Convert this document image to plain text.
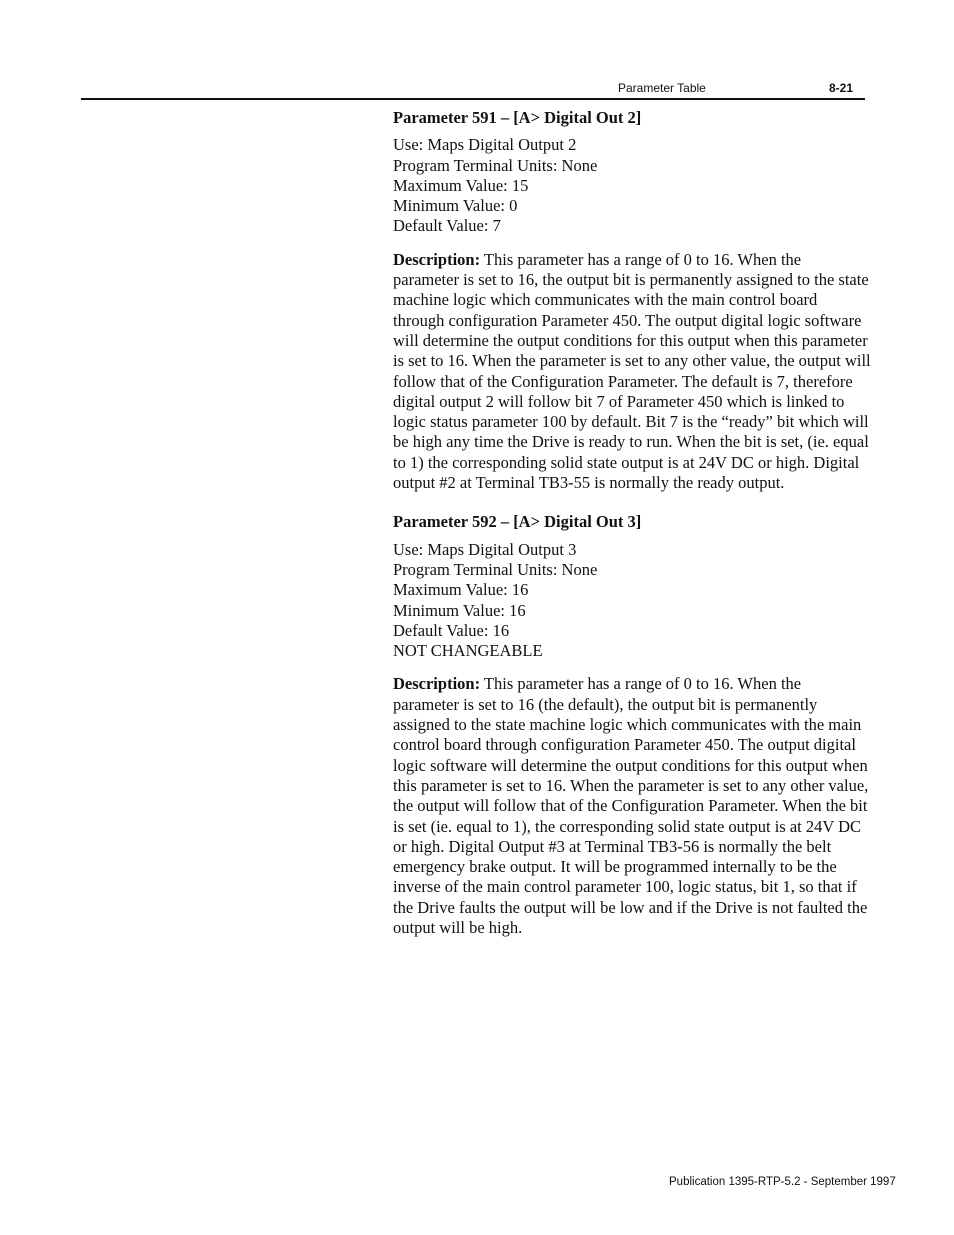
Parameter Table	8-21
Parameter 591 – [A> Digital Out 2]
Use: Maps Digital Output 2
Program Terminal Units: None
Maximum Value: 15
Minimum Value: 0
Default Value: 7

Description: This parameter has a range of 0 to 16. When the parameter is set to 16, the output bit is permanently assigned to the state machine logic which communicates with the main control board through configuration Parameter 450. The output digital logic software will determine the output conditions for this output when this parameter is set to 16. When the parameter is set to any other value, the output will follow that of the Configuration Parameter. The default is 7, therefore digital output 2 will follow bit 7 of Parameter 450 which is linked to logic status parameter 100 by default. Bit 7 is the “ready” bit which will be high any time the Drive is ready to run. When the bit is set, (ie. equal to 1) the corresponding solid state output is at 24V DC or high. Digital output #2 at Terminal TB3-55 is normally the ready output.

Parameter 592 – [A> Digital Out 3]
Use: Maps Digital Output 3
Program Terminal Units: None
Maximum Value: 16
Minimum Value: 16
Default Value: 16
NOT CHANGEABLE

Description: This parameter has a range of 0 to 16. When the parameter is set to 16 (the default), the output bit is permanently assigned to the state machine logic which communicates with the main control board through configuration Parameter 450. The output digital logic software will determine the output conditions for this output when this parameter is set to 16. When the parameter is set to any other value, the output will follow that of the Configuration Parameter. When the bit is set (ie. equal to 1), the corresponding solid state output is at 24V DC or high. Digital Output #3 at Terminal TB3-56 is normally the belt emergency brake output. It will be programmed internally to be the inverse of the main control parameter 100, logic status, bit 1, so that if the Drive faults the output will be low and if the Drive is not faulted the output will be high.

Publication 1395-RTP-5.2 - September 1997
